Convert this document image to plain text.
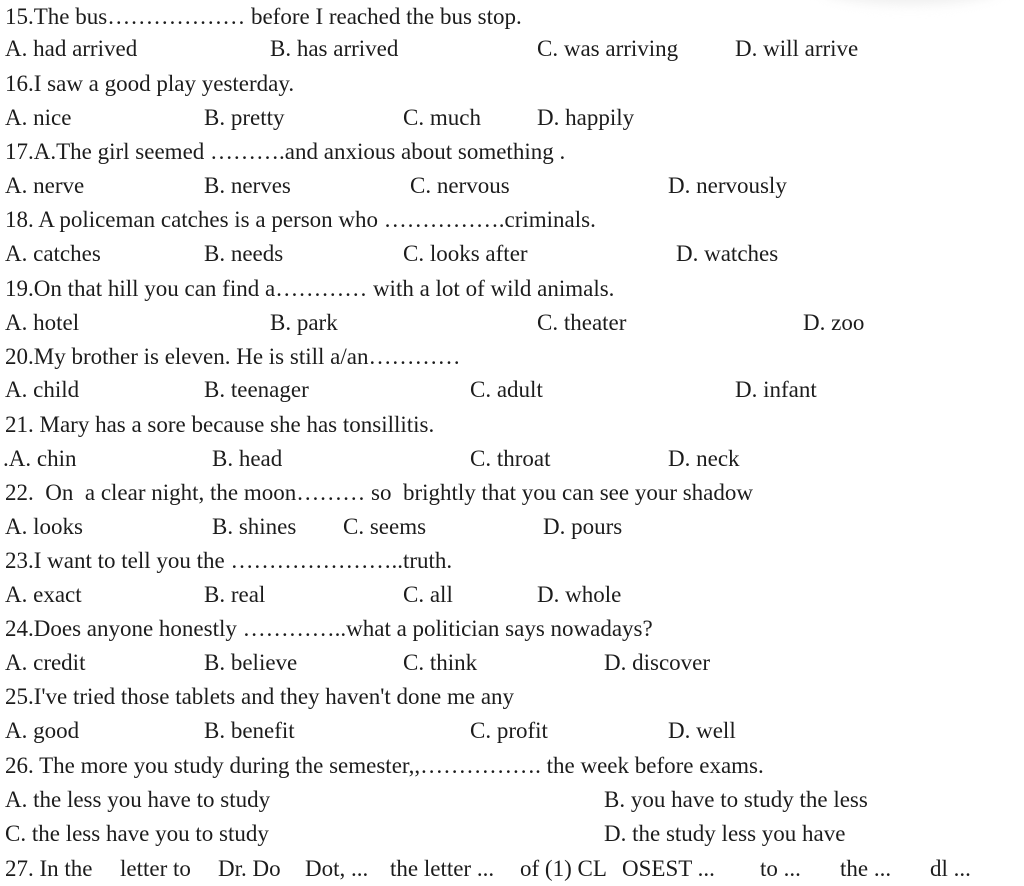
15.The bus……………… before I reached the bus stop.
A. had arrived	B. has arrived	C. was arriving D. will arrive
16.I saw a good play yesterday.
A. nice	B. pretty	C. much D. happily
17.A.The girl seemed ……….and anxious about something .
A. nerve	B. nerves	C. nervous	D. nervously
18. A policeman catches is a person who …………….criminals.
A. catches	B. needs	C. looks after	D. watches
19.On that hill you can find a………… with a lot of wild animals.
A. hotel	B. park	C. theater	D. zoo
20.My brother is eleven. He is still a/an…………
A. child	B. teenager	C. adult	D. infant
21. Mary has a sore because she has tonsillitis.
.A. chin	B. head	C. throat	D. neck
22.  On  a clear night, the moon……… so  brightly that you can see your shadow
A. looks	B. shines C. seems	D. pours
23.I want to tell you the …………………..truth.
A. exact	B. real	C. all	D. whole
24.Does anyone honestly …………..what a politician says nowadays?
A. credit	B. believe	C. think	D. discover
25.I've tried those tablets and they haven't done me any
A. good	B. benefit	C. profit	D. well
26. The more you study during the semester,,……………. the week before exams.
A. the less you have to study	B. you have to study the less
C. the less have you to study	D. the study less you have
27. In the letter to Dr. Do Dot, ... the letter ... of (1) CL OSEST ... to ... the ... dl ...
